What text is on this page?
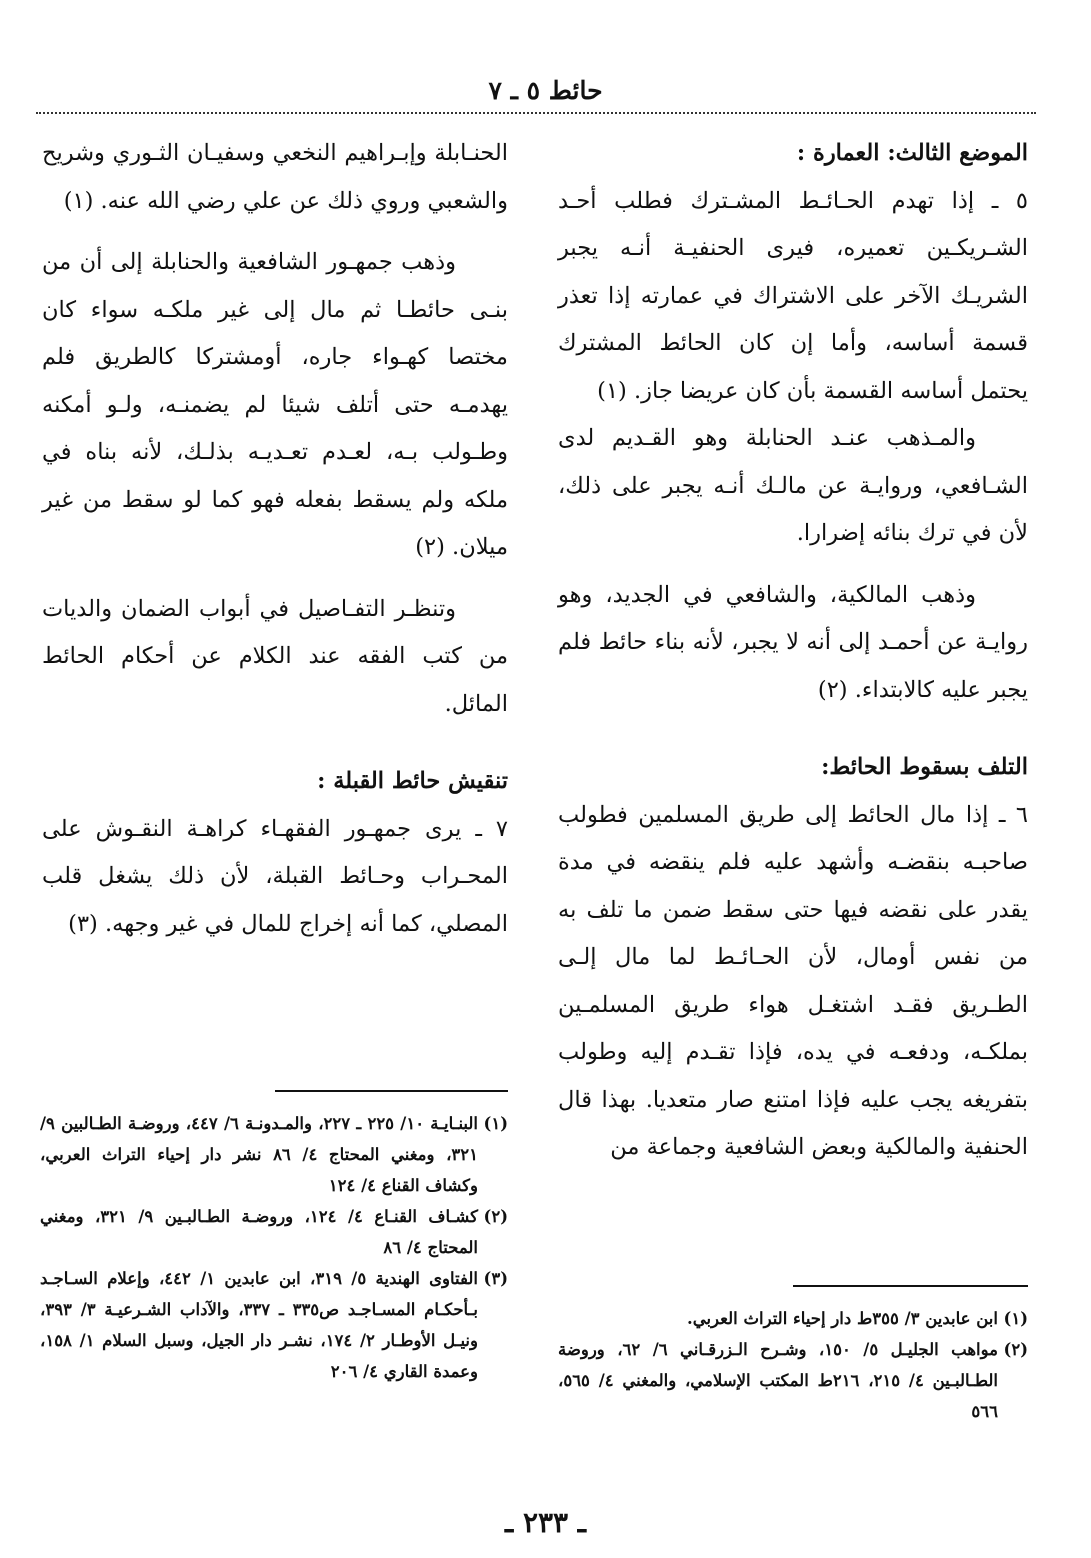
حائط ٥ ـ ٧

الموضع الثالث: العمارة :

٥ ـ إذا تهدم الحـائـط المشـترك فطلب أحـد الشـريكـين تعميره، فيرى الحنفيـة أنـه يجبر الشريـك الآخر على الاشتراك في عمارته إذا تعذر قسمة أساسه، وأما إن كان الحائط المشترك يحتمل أساسه القسمة بأن كان عريضا جاز. (١)

والمـذهب عنـد الحنابلة وهو القـديم لدى الشـافعي، وروايـة عن مالـك أنـه يجبر على ذلك، لأن في ترك بنائه إضرارا.

وذهب المالكية، والشافعي في الجديد، وهو روايـة عن أحمـد إلى أنه لا يجبر، لأنه بناء حائط فلم يجبر عليه كالابتداء. (٢)

التلف بسقوط الحائط:

٦ ـ إذا مال الحائط إلى طريق المسلمين فطولب صاحبـه بنقضـه وأشهد عليه فلم ينقضه في مدة يقدر على نقضه فيها حتى سقط ضمن ما تلف به من نفس أومال، لأن الحـائـط لما مال إلـى الطـريق فقـد اشتغـل هواء طريق المسلمـين بملكـه، ودفعـه في يده، فإذا تقـدم إليه وطولب بتفريغه يجب عليه فإذا امتنع صار متعديا. بهذا قال الحنفية والمالكية وبعض الشافعية وجماعة من

الحنـابلة وإبـراهيم النخعي وسفيـان الثـوري وشريح والشعبي وروي ذلك عن علي رضي الله عنه. (١)

وذهب جمهـور الشافعية والحنابلة إلى أن من بنـى حائطـا ثم مال إلى غير ملكـه سواء كان مختصا كهـواء جاره، أومشتركا كالطريق فلم يهدمـه حتى أتلف شيئا لم يضمنـه، ولـو أمكنه وطـولب بـه، لعـدم تعـديـه بذلـك، لأنه بناه في ملكه ولم يسقط بفعله فهو كما لو سقط من غير ميلان. (٢)

وتنظـر التفـاصيل في أبواب الضمان والديات من كتب الفقه عند الكلام عن أحكام الحائط المائل.

تنقيش حائط القبلة :

٧ ـ يرى جمهـور الفقهـاء كراهـة النقـوش على المحـراب وحـائط القبلة، لأن ذلك يشغل قلب المصلي، كما أنه إخراج للمال في غير وجهه. (٣)

(١)
البنـايـة ١٠/ ٢٢٥ ـ ٢٢٧، والمـدونـة ٦/ ٤٤٧، وروضـة الطـالبين ٩/ ٣٢١، ومغني المحتاج ٤/ ٨٦ نشر دار إحياء التراث العربي، وكشاف القناع ٤/ ١٢٤

(٢)
كشـاف القنـاع ٤/ ١٢٤، وروضـة الطـالبـين ٩/ ٣٢١، ومغني المحتاج ٤/ ٨٦

(٣)
الفتاوى الهندية ٥/ ٣١٩، ابن عابدين ١/ ٤٤٢، وإعلام السـاجـد بـأحكـام المسـاجـد ص٣٣٥ ـ ٣٣٧، والآداب الشـرعيـة ٣/ ٣٩٣، ونيـل الأوطـار ٢/ ١٧٤، نشـر دار الجيل، وسبل السلام ١/ ١٥٨، وعمدة القاري ٤/ ٢٠٦

(١)
ابن عابدين ٣/ ٣٥٥ط دار إحياء التراث العربي.

(٢)
مواهب الجليـل ٥/ ١٥٠، وشـرح الـزرقـاني ٦/ ٦٢، وروضة الطـالبـين ٤/ ٢١٥، ٢١٦ط المكتب الإسلامي، والمغني ٤/ ٥٦٥، ٥٦٦

ـ ٢٣٣ ـ
